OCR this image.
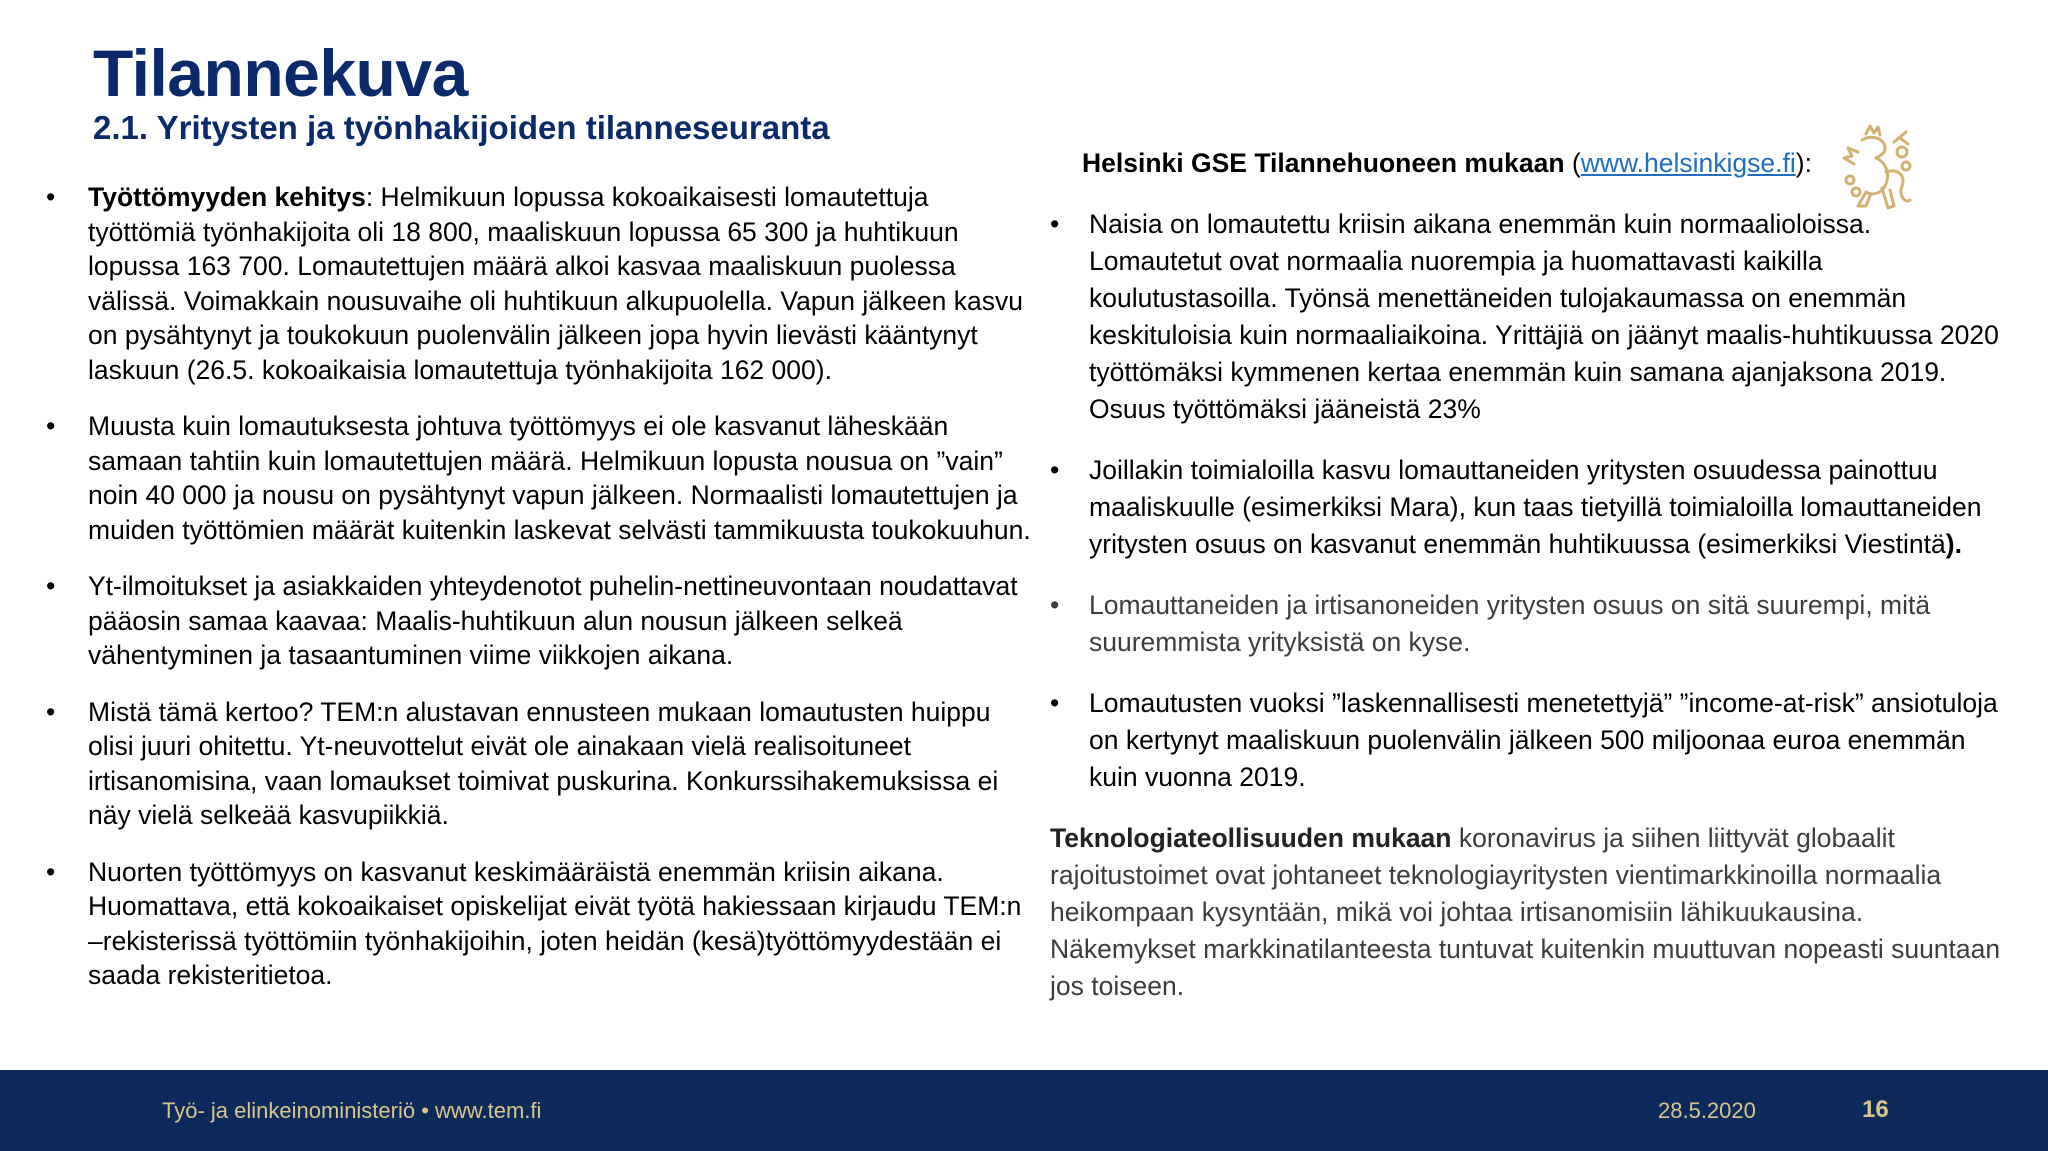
Tilannekuva
2.1. Yritysten ja työnhakijoiden tilanneseuranta
• Työttömyyden kehitys: Helmikuun lopussa kokoaikaisesti lomautettuja työttömiä työnhakijoita oli 18 800, maaliskuun lopussa 65 300 ja huhtikuun lopussa 163 700. Lomautettujen määrä alkoi kasvaa maaliskuun puolessa välissä. Voimakkain nousuvaihe oli huhtikuun alkupuolella. Vapun jälkeen kasvu on pysähtynyt ja toukokuun puolenvälin jälkeen jopa hyvin lievästi kääntynyt laskuun (26.5. kokoaikaisia lomautettuja työnhakijoita 162 000).
• Muusta kuin lomautuksesta johtuva työttömyys ei ole kasvanut läheskään samaan tahtiin kuin lomautettujen määrä. Helmikuun lopusta nousua on ”vain” noin 40 000 ja nousu on pysähtynyt vapun jälkeen. Normaalisti lomautettujen ja muiden työttömien määrät kuitenkin laskevat selvästi tammikuusta toukokuuhun.
• Yt-ilmoitukset ja asiakkaiden yhteydenotot puhelin-nettineuvontaan noudattavat pääosin samaa kaavaa: Maalis-huhtikuun alun nousun jälkeen selkeä vähentyminen ja tasaantuminen viime viikkojen aikana.
• Mistä tämä kertoo? TEM:n alustavan ennusteen mukaan lomautusten huippu olisi juuri ohitettu. Yt-neuvottelut eivät ole ainakaan vielä realisoituneet irtisanomisina, vaan lomaukset toimivat puskurina. Konkurssihakemuksissa ei näy vielä selkeää kasvupiikkiä.
• Nuorten työttömyys on kasvanut keskimääräistä enemmän kriisin aikana. Huomattava, että kokoaikaiset opiskelijat eivät työtä hakiessaan kirjaudu TEM:n –rekisterissä työttömiin työnhakijoihin, joten heidän (kesä)työttömyydestään ei saada rekisteritietoa.

Helsinki GSE Tilannehuoneen mukaan (www.helsinkigse.fi):

• Naisia on lomautettu kriisin aikana enemmän kuin normaalioloissa. Lomautetut ovat normaalia nuorempia ja huomattavasti kaikilla koulutustasoilla. Työnsä menettäneiden tulojakaumassa on enemmän keskituloisia kuin normaaliaikoina. Yrittäjiä on jäänyt maalis-huhtikuussa 2020 työttömäksi kymmenen kertaa enemmän kuin samana ajanjaksona 2019. Osuus työttömäksi jääneistä 23%
• Joillakin toimialoilla kasvu lomauttaneiden yritysten osuudessa painottuu maaliskuulle (esimerkiksi Mara), kun taas tietyillä toimialoilla lomauttaneiden yritysten osuus on kasvanut enemmän huhtikuussa (esimerkiksi Viestintä).
• Lomauttaneiden ja irtisanoneiden yritysten osuus on sitä suurempi, mitä suuremmista yrityksistä on kyse.
• Lomautusten vuoksi ”laskennallisesti menetettyjä” ”income-at-risk” ansiotuloja on kertynyt maaliskuun puolenvälin jälkeen 500 miljoonaa euroa enemmän kuin vuonna 2019.

Teknologiateollisuuden mukaan koronavirus ja siihen liittyvät globaalit rajoitustoimet ovat johtaneet teknologiayritysten vientimarkkinoilla normaalia heikompaan kysyntään, mikä voi johtaa irtisanomisiin lähikuukausina. Näkemykset markkinatilanteesta tuntuvat kuitenkin muuttuvan nopeasti suuntaan jos toiseen.

Työ- ja elinkeinoministeriö • www.tem.fi	28.5.2020	16
